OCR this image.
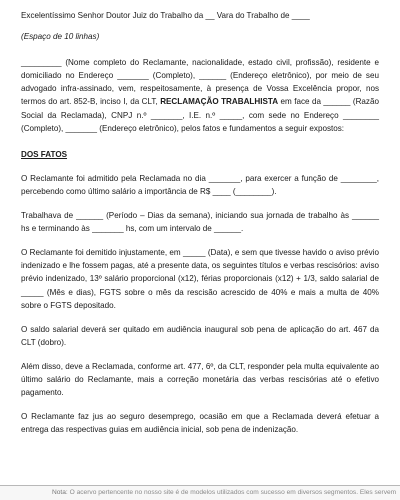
Excelentíssimo Senhor Doutor Juiz do Trabalho da __ Vara do Trabalho de ____

(Espaço de 10 linhas)

_________ (Nome completo do Reclamante, nacionalidade, estado civil, profissão), residente e domiciliado no Endereço _______ (Completo), ______ (Endereço eletrônico), por meio de seu advogado infra-assinado, vem, respeitosamente, à presença de Vossa Excelência propor, nos termos do art. 852-B, inciso I, da CLT, RECLAMAÇÃO TRABALHISTA em face da ______ (Razão Social da Reclamada), CNPJ n.º _______, I.E. n.º _____, com sede no Endereço ________ (Completo), _______ (Endereço eletrônico), pelos fatos e fundamentos a seguir expostos:

DOS FATOS

O Reclamante foi admitido pela Reclamada no dia _______, para exercer a função de ________, percebendo como último salário a importância de R$ ____ (________).

Trabalhava de ______ (Período – Dias da semana), iniciando sua jornada de trabalho às ______ hs e terminando às _______ hs, com um intervalo de ______.

O Reclamante foi demitido injustamente, em _____ (Data), e sem que tivesse havido o aviso prévio indenizado e lhe fossem pagas, até a presente data, os seguintes títulos e verbas rescisórios: aviso prévio indenizado, 13º salário proporcional (x12), férias proporcionais (x12) + 1/3, saldo salarial de _____ (Mês e dias), FGTS sobre o mês da rescisão acrescido de 40% e mais a multa de 40% sobre o FGTS depositado.

O saldo salarial deverá ser quitado em audiência inaugural sob pena de aplicação do art. 467 da CLT (dobro).

Além disso, deve a Reclamada, conforme art. 477, 6º, da CLT, responder pela multa equivalente ao último salário do Reclamante, mais a correção monetária das verbas rescisórias até o efetivo pagamento.

O Reclamante faz jus ao seguro desemprego, ocasião em que a Reclamada deverá efetuar a entrega das respectivas guias em audiência inicial, sob pena de indenização.

Nota: O acervo pertencente no nosso site é de modelos utilizados com sucesso em diversos segmentos. Eles servem
